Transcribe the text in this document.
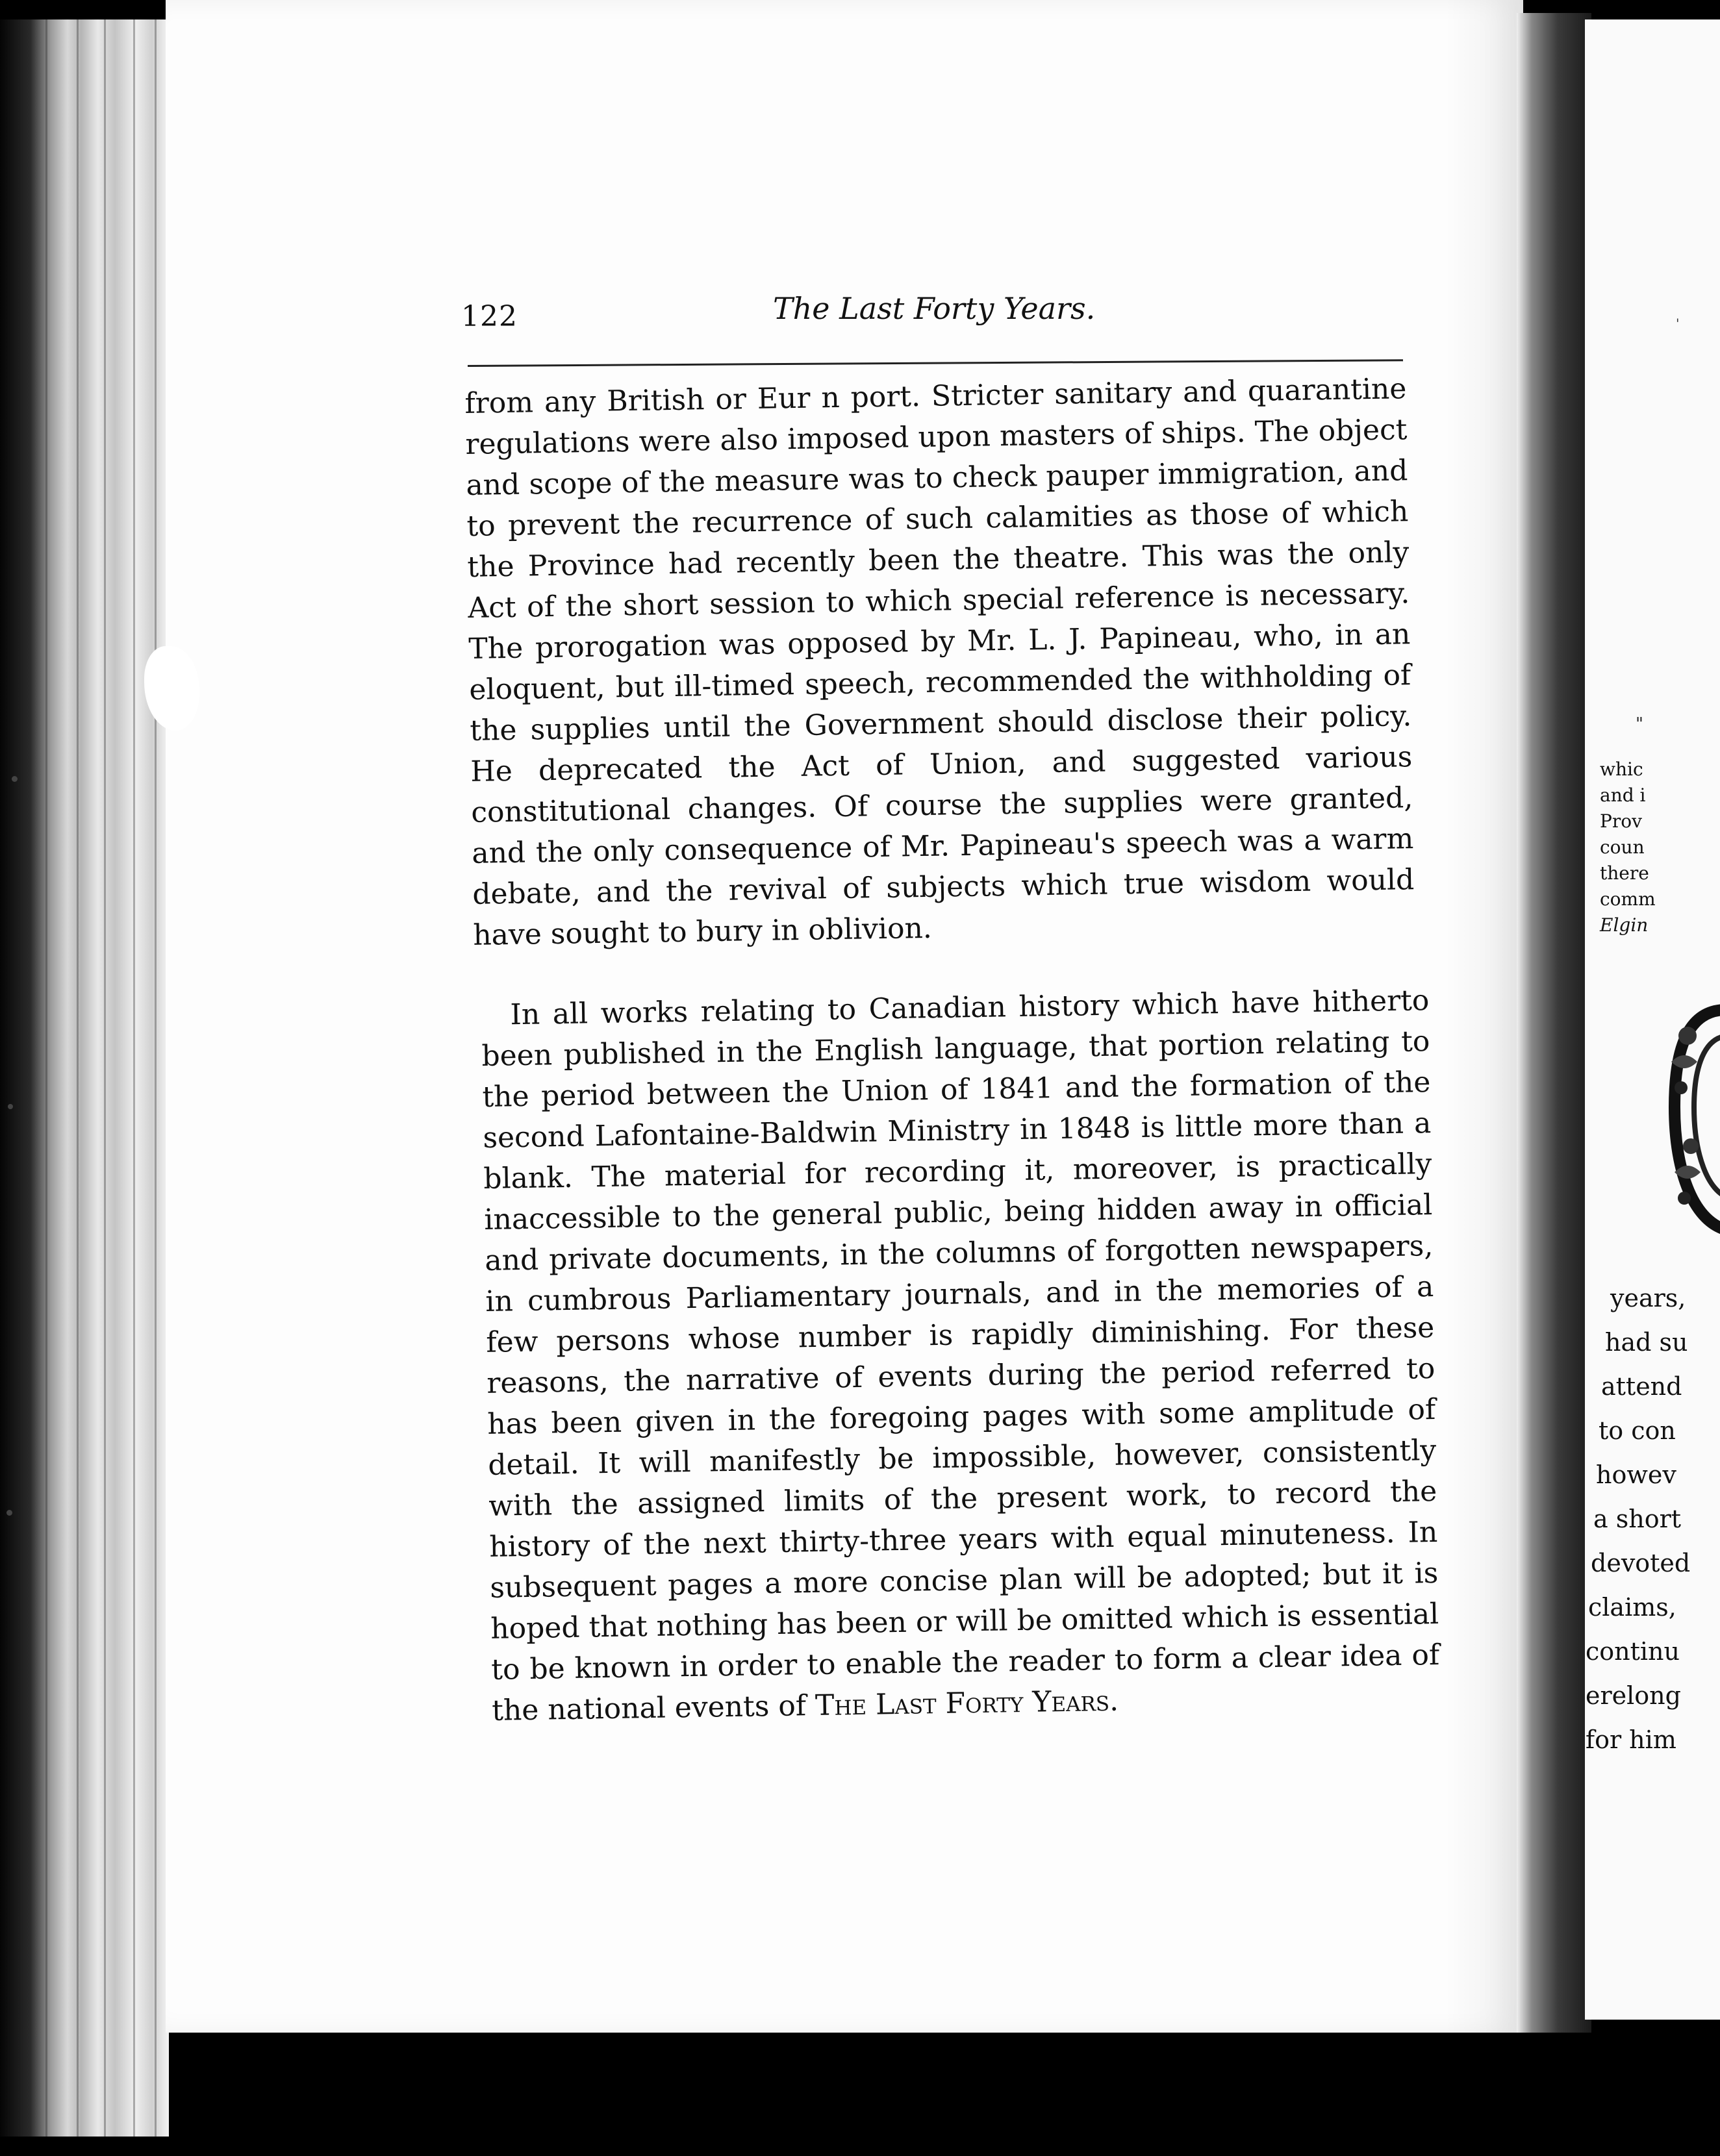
'
"
whic
and i
Prov
coun
there
comm
Elgin
years,
had su
attend
to con
howev
a short
devoted
claims,
continu
erelong
for him
122	The Last Forty Years.
from any British or Eur n port. Stricter sanitary and quarantine regulations were also imposed upon masters of ships. The object and scope of the measure was to check pauper immigration, and to prevent the recurrence of such calamities as those of which the Province had recently been the theatre. This was the only Act of the short session to which special reference is necessary. The prorogation was opposed by Mr. L. J. Papineau, who, in an eloquent, but ill-timed speech, recommended the withholding of the supplies until the Government should disclose their policy. He deprecated the Act of Union, and suggested various constitutional changes. Of course the supplies were granted, and the only consequence of Mr. Papineau's speech was a warm debate, and the revival of subjects which true wisdom would have sought to bury in oblivion.
In all works relating to Canadian history which have hitherto been published in the English language, that portion relating to the period between the Union of 1841 and the formation of the second Lafontaine-Baldwin Ministry in 1848 is little more than a blank. The material for recording it, moreover, is practically inaccessible to the general public, being hidden away in official and private documents, in the columns of forgotten newspapers, in cumbrous Parliamentary journals, and in the memories of a few persons whose number is rapidly diminishing. For these reasons, the narrative of events during the period referred to has been given in the foregoing pages with some amplitude of detail. It will manifestly be impossible, however, consistently with the assigned limits of the present work, to record the history of the next thirty-three years with equal minuteness. In subsequent pages a more concise plan will be adopted; but it is hoped that nothing has been or will be omitted which is essential to be known in order to enable the reader to form a clear idea of the national events of The Last Forty Years.
